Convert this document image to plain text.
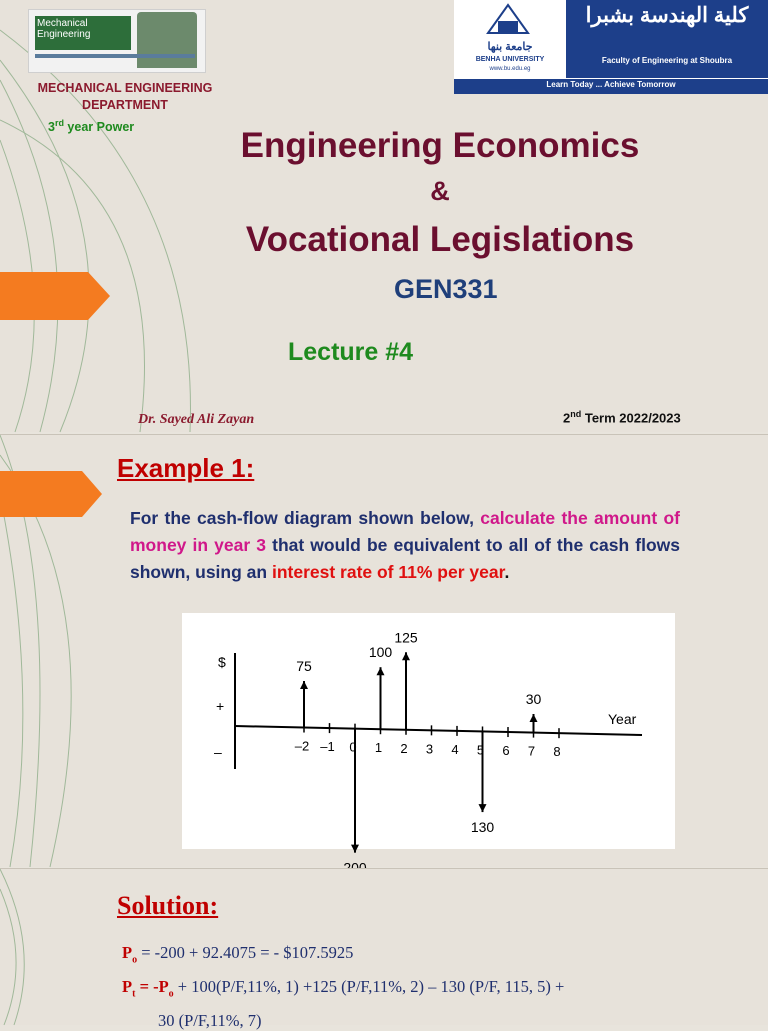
Mechanical Engineering
جامعة بنها
BENHA UNIVERSITY
www.bu.edu.eg
كلية الهندسة بشبرا
Faculty of Engineering at Shoubra
Learn Today ... Achieve Tomorrow
MECHANICAL ENGINEERING
DEPARTMENT
3rd year Power	Engineering Economics
&
Vocational Legislations
GEN331
Lecture #4
Dr. Sayed Ali Zayan	2nd Term 2022/2023
Example 1:
For the cash-flow diagram shown below, calculate the amount of money in year 3 that would be equivalent to all of the cash flows shown, using an interest rate of 11% per year.
$
+
–
Year
–2 –1 0 1 2 3 4 5 6 7 8
75
100
125
130
30
Solution:
$P_o = -200 + 92.4075$ = - $107.5925
$P_t = -P_o + 100(P/F,11\%$, 1) +125 (P/F,11%, 2) – 130 (P/F, 115, 5) +
30 (P/F,11%, 7)
